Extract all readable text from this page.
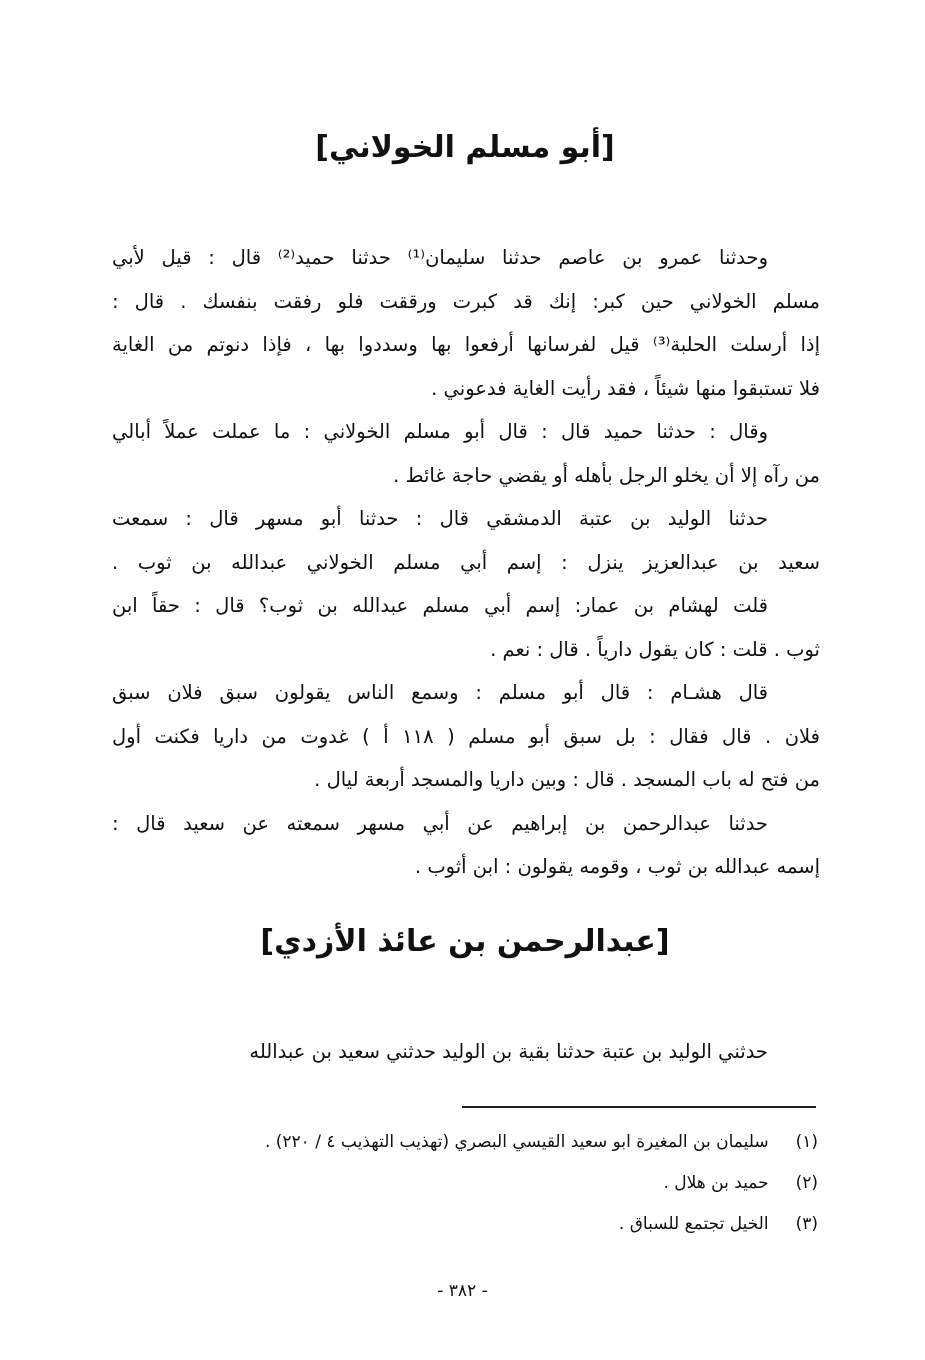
[أبو مسلم الخولاني]
وحدثنا عمرو بن عاصم حدثنا سليمان⁽¹⁾ حدثنا حميد⁽²⁾ قال : قيل لأبي
مسلم الخولاني حين كبر: إنك قد كبرت ورققت فلو رفقت بنفسك . قال :
إذا أرسلت الحلبة⁽³⁾ قيل لفرسانها أرفعوا بها وسددوا بها ، فإذا دنوتم من الغاية
فلا تستبقوا منها شيئاً ، فقد رأيت الغاية فدعوني .
وقال : حدثنا حميد قال : قال أبو مسلم الخولاني : ما عملت عملاً أبالي
من رآه إلا أن يخلو الرجل بأهله أو يقضي حاجة غائط .
حدثنا الوليد بن عتبة الدمشقي قال : حدثنا أبو مسهر قال : سمعت
سعيد بن عبدالعزيز ينزل : إسم أبي مسلم الخولاني عبدالله بن ثوب .
قلت لهشام بن عمار: إسم أبي مسلم عبدالله بن ثوب؟ قال : حقاً ابن
ثوب . قلت : كان يقول دارياً . قال : نعم .
قال هشـام : قال أبو مسلم : وسمع الناس يقولون سبق فلان سبق
فلان . قال فقال : بل سبق أبو مسلم ( ١١٨ أ ) غدوت من داريا فكنت أول
من فتح له باب المسجد . قال : وبين داريا والمسجد أربعة ليال .
حدثنا عبدالرحمن بن إبراهيم عن أبي مسهر سمعته عن سعيد قال :
إسمه عبدالله بن ثوب ، وقومه يقولون : ابن أثوب .
[عبدالرحمن بن عائذ الأزدي]
حدثني الوليد بن عتبة حدثنا بقية بن الوليد حدثني سعيد بن عبدالله
(١) سليمان بن المغيرة ابو سعيد القيسي البصري (تهذيب التهذيب ٤ / ٢٢٠) .
(٢) حميد بن هلال .
(٣) الخيل تجتمع للسباق .
- ٣٨٢ -
